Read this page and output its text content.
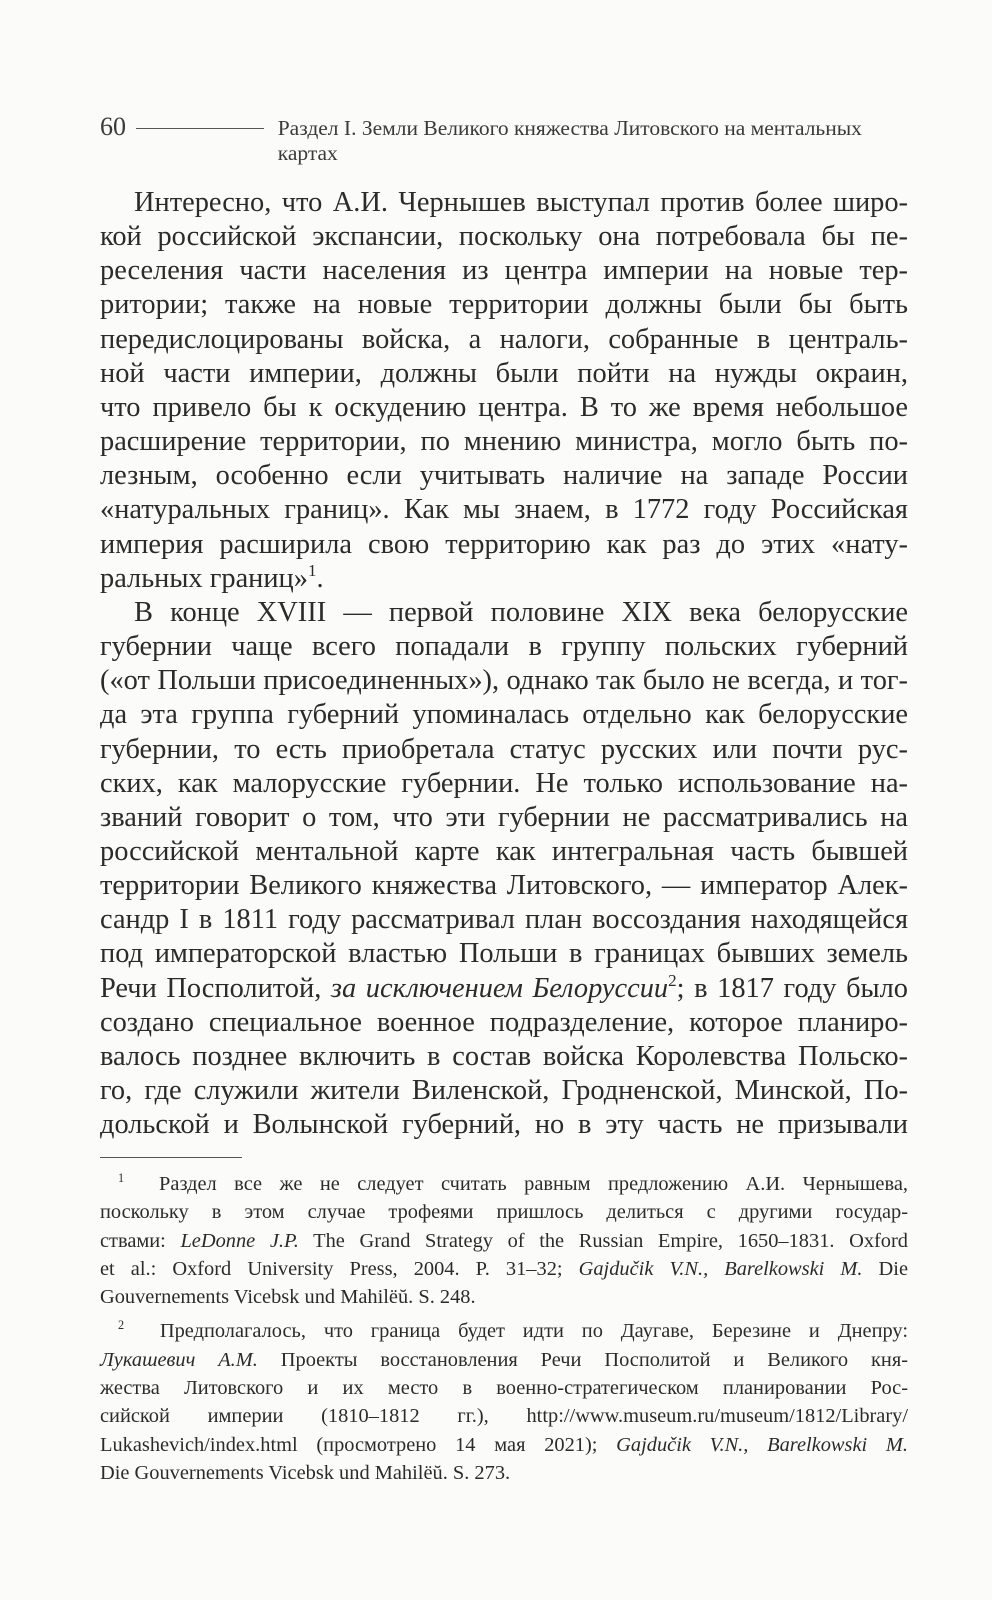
60	Раздел I. Земли Великого княжества Литовского на ментальных картах
Интересно, что А.И. Чернышев выступал против более широ-
кой российской экспансии, поскольку она потребовала бы пе-
реселения части населения из центра империи на новые тер-
ритории; также на новые территории должны были бы быть
передислоцированы войска, а налоги, собранные в централь-
ной части империи, должны были пойти на нужды окраин,
что привело бы к оскудению центра. В то же время небольшое
расширение территории, по мнению министра, могло быть по-
лезным, особенно если учитывать наличие на западе России
«натуральных границ». Как мы знаем, в 1772 году Российская
империя расширила свою территорию как раз до этих «нату-
ральных границ»$^1$.
В конце XVIII — первой половине XIX века белорусские
губернии чаще всего попадали в группу польских губерний
(«от Польши присоединенных»), однако так было не всегда, и тог-
да эта группа губерний упоминалась отдельно как белорусские
губернии, то есть приобретала статус русских или почти рус-
ских, как малорусские губернии. Не только использование на-
званий говорит о том, что эти губернии не рассматривались на
российской ментальной карте как интегральная часть бывшей
территории Великого княжества Литовского, — император Алек-
сандр I в 1811 году рассматривал план воссоздания находящейся
под императорской властью Польши в границах бывших земель
Речи Посполитой, за исключением Белоруссии$^2$; в 1817 году было
создано специальное военное подразделение, которое планиро-
валось позднее включить в состав войска Королевства Польско-
го, где служили жители Виленской, Гродненской, Минской, По-
дольской и Волынской губерний, но в эту часть не призывали
$^1$ Раздел все же не следует считать равным предложению А.И. Чернышева,
поскольку в этом случае трофеями пришлось делиться с другими государ-
ствами: LeDonne J.P. The Grand Strategy of the Russian Empire, 1650–1831. Oxford
et al.: Oxford University Press, 2004. P. 31–32; Gajdučik V.N., Barelkowski M. Die
Gouvernements Vicebsk und Mahilёŭ. S. 248.
$^2$ Предполагалось, что граница будет идти по Даугаве, Березине и Днепру:
Лукашевич А.М. Проекты восстановления Речи Посполитой и Великого кня-
жества Литовского и их место в военно-стратегическом планировании Рос-
сийской империи (1810–1812 гг.), http://www.museum.ru/museum/1812/Library/
Lukashevich/index.html (просмотрено 14 мая 2021); Gajdučik V.N., Barelkowski M.
Die Gouvernements Vicebsk und Mahilёŭ. S. 273.
